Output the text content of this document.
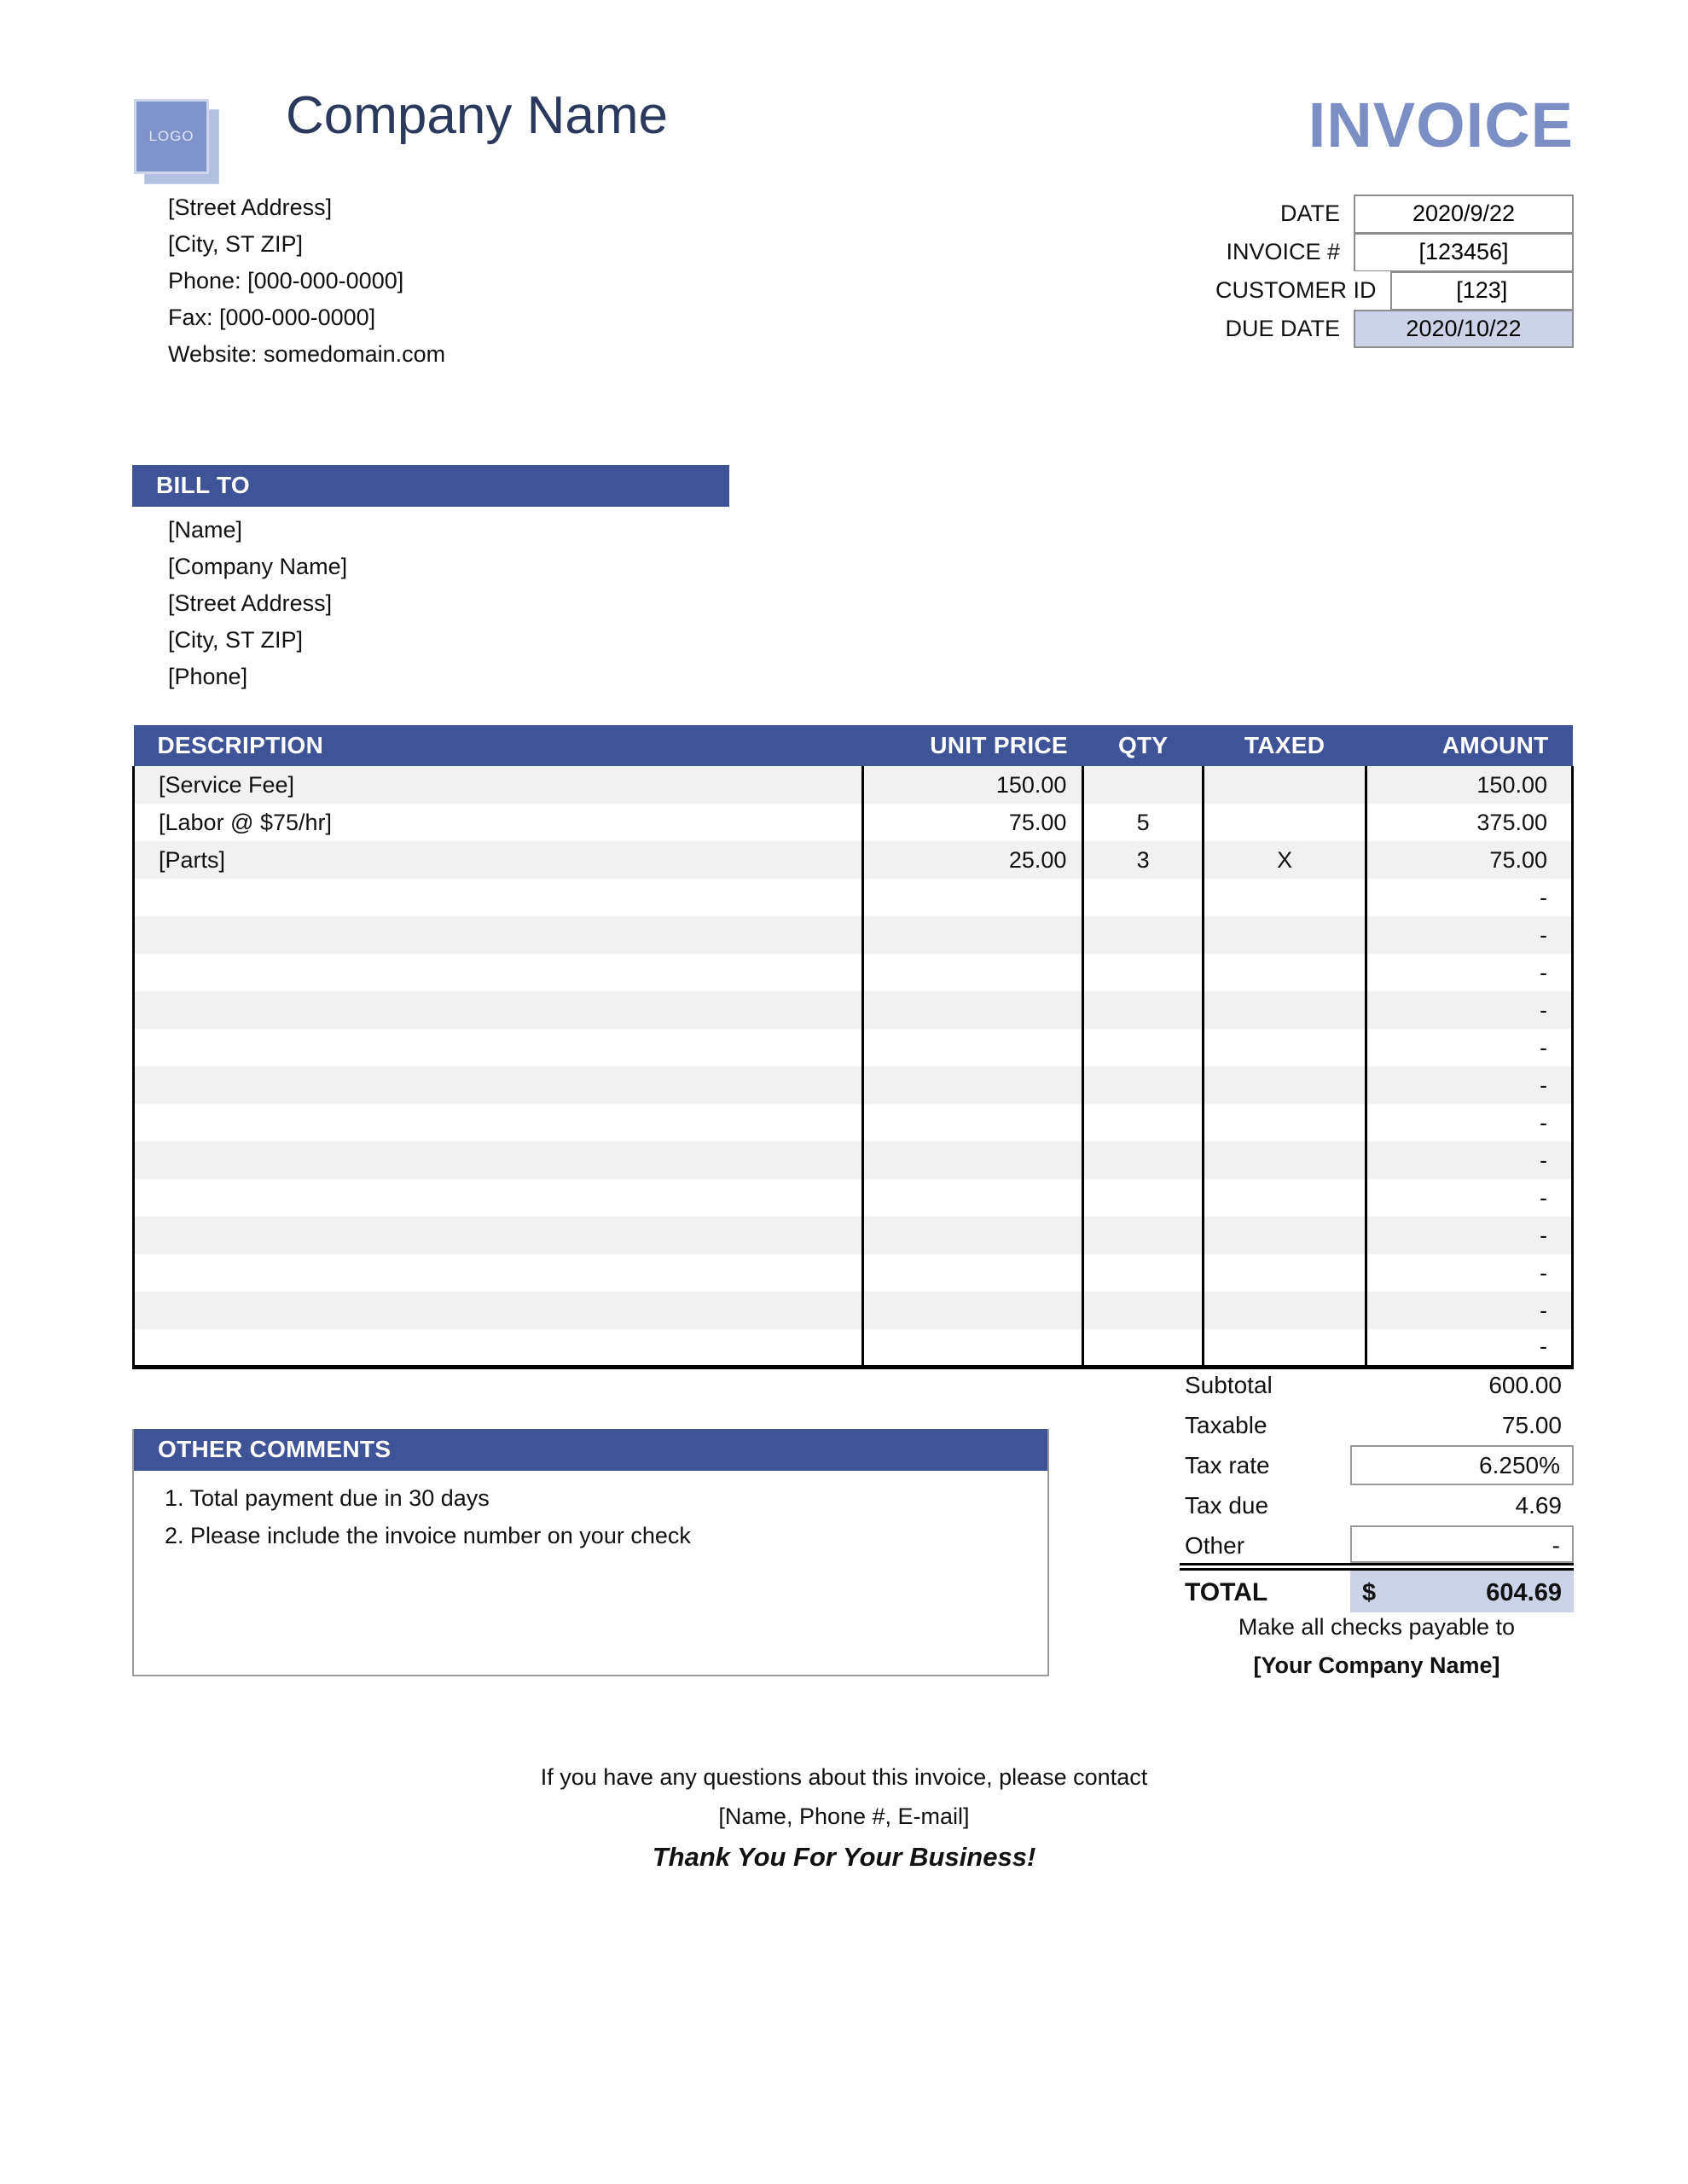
LOGO Company Name
[Street Address]
[City, ST ZIP]
Phone: [000-000-0000]
Fax: [000-000-0000]
Website: somedomain.com
INVOICE
DATE	2020/9/22
INVOICE #	[123456]
CUSTOMER ID	[123]
DUE DATE	2020/10/22
BILL TO
[Name]
[Company Name]
[Street Address]
[City, ST ZIP]
[Phone]
DESCRIPTION	UNIT PRICE	QTY	TAXED	AMOUNT
[Service Fee]	150.00			150.00
[Labor @ $75/hr]	75.00	5		375.00
[Parts]	25.00	3	X	75.00
				-
				-
				-
				-
				-
				-
				-
				-
				-
				-
				-
				-
				-
Subtotal	600.00
Taxable	75.00
Tax rate	6.250%
Tax due	4.69
Other	-
TOTAL	$	604.69
Make all checks payable to
[Your Company Name]
OTHER COMMENTS
1. Total payment due in 30 days
2. Please include the invoice number on your check
If you have any questions about this invoice, please contact
[Name, Phone #, E-mail]
Thank You For Your Business!
